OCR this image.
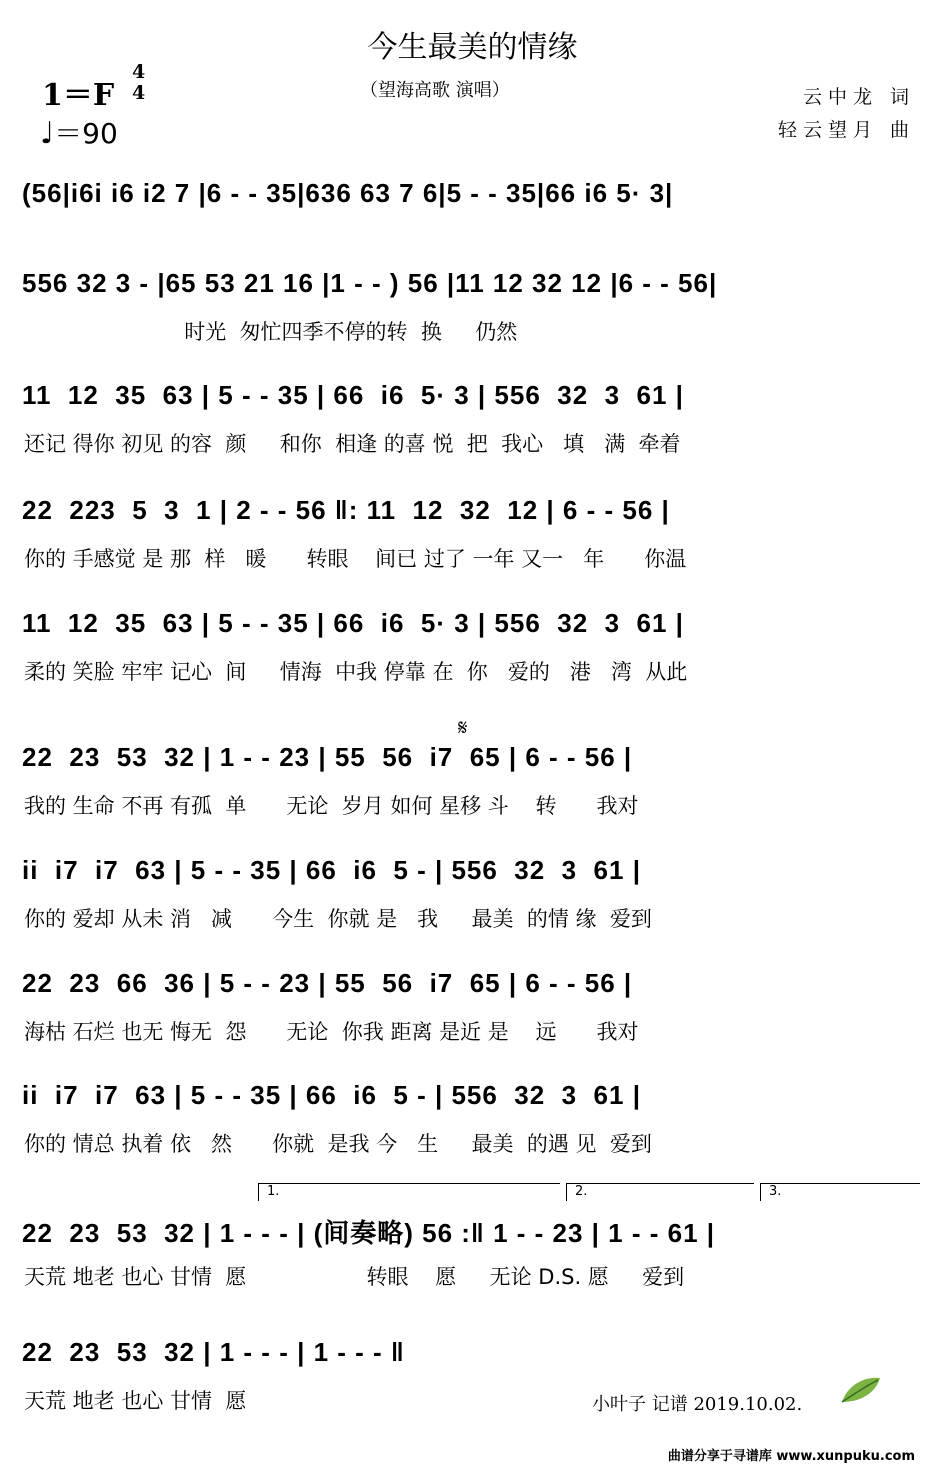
今生最美的情缘
（望海高歌 演唱）	云中龙 词
轻云望月 曲
1＝F
4
4
♩＝90
𝄋
(56|i6i i6 i2 7 |6 - - 35|636 63 7 6|5 - - 35|66 i6 5· 3|
556 32 3 - |65 53 21 16 |1 - - ) 56 |11 12 32 12 |6 - - 56|
时光  匆忙四季不停的转  换     仍然
11  12  35  63 | 5 - - 35 | 66  i6  5· 3 | 556  32  3  61 |
还记 得你 初见 的容  颜     和你  相逢 的喜 悦  把  我心   填   满  牵着
22  223  5  3  1 | 2 - - 56 ‖: 11  12  32  12 | 6 - - 56 |
你的 手感觉 是 那  样   暖      转眼    间已 过了 一年 又一   年      你温
11  12  35  63 | 5 - - 35 | 66  i6  5· 3 | 556  32  3  61 |
柔的 笑脸 牢牢 记心  间     情海  中我 停靠 在  你   爱的   港   湾  从此
22  23  53  32 | 1 - - 23 | 55  56  i7  65 | 6 - - 56 |
我的 生命 不再 有孤  单      无论  岁月 如何 星移 斗    转      我对
ii  i7  i7  63 | 5 - - 35 | 66  i6  5 - | 556  32  3  61 |
你的 爱却 从未 消   减      今生  你就 是   我     最美  的情 缘  爱到
22  23  66  36 | 5 - - 23 | 55  56  i7  65 | 6 - - 56 |
海枯 石烂 也无 悔无  怨      无论  你我 距离 是近 是    远      我对
ii  i7  i7  63 | 5 - - 35 | 66  i6  5 - | 556  32  3  61 |
你的 情总 执着 依   然      你就  是我 今   生     最美  的遇 见  爱到
22  23  53  32 | 1 - - - | (间奏略) 56 :‖ 1 - - 23 | 1 - - 61 |
天荒 地老 也心 甘情  愿                  转眼    愿     无论 D.S. 愿     爱到
22  23  53  32 | 1 - - - | 1 - - - ‖
天荒 地老 也心 甘情  愿
1.	2.	3.
小叶子 记谱 2019.10.02.
曲谱分享于寻谱库 www.xunpuku.com
